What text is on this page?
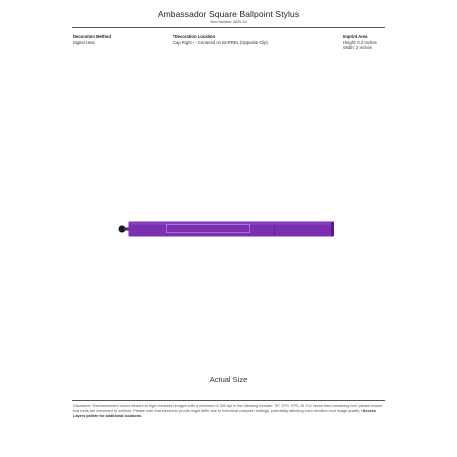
Ambassador Square Ballpoint Stylus
Item Number: 0620-33
Decoration Method
Digital Heat
*Decoration Location
Cap Right - - Centered on BARREL (Opposite Clip)
Imprint Area
Height: 0.2 Inches
Width: 2 Inches
Actual Size
Disclaimer: Recommended vector artwork at high-resolution images with a minimum of 300 dpi in the following formats: TIF, JPG, EPS, AI. For vector files containing text, please ensure that fonts are converted to outlines. Please note that electronic proofs might differ due to individual computer settings, potentially affecting color rendition and image quality. *Access Layers pallete for additional locations.
